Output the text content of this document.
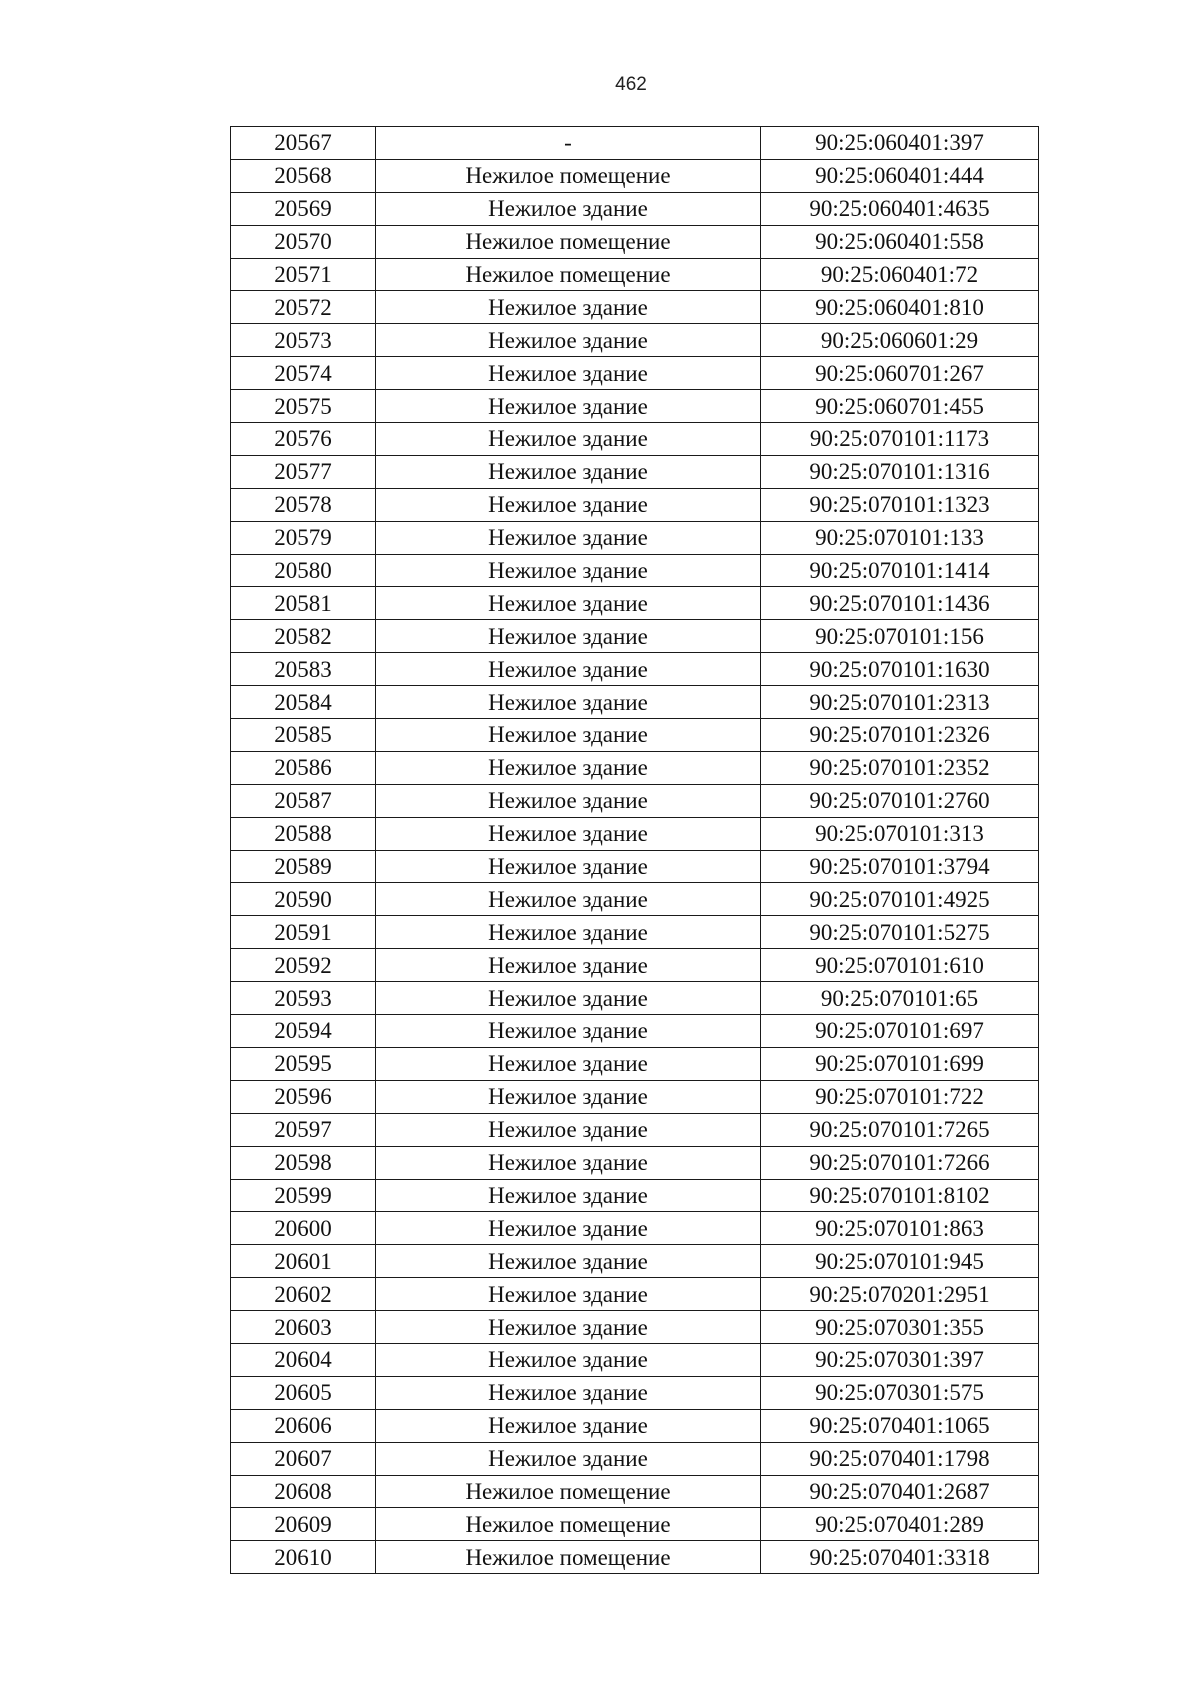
462
20567	-	90:25:060401:397
20568	Нежилое помещение	90:25:060401:444
20569	Нежилое здание	90:25:060401:4635
20570	Нежилое помещение	90:25:060401:558
20571	Нежилое помещение	90:25:060401:72
20572	Нежилое здание	90:25:060401:810
20573	Нежилое здание	90:25:060601:29
20574	Нежилое здание	90:25:060701:267
20575	Нежилое здание	90:25:060701:455
20576	Нежилое здание	90:25:070101:1173
20577	Нежилое здание	90:25:070101:1316
20578	Нежилое здание	90:25:070101:1323
20579	Нежилое здание	90:25:070101:133
20580	Нежилое здание	90:25:070101:1414
20581	Нежилое здание	90:25:070101:1436
20582	Нежилое здание	90:25:070101:156
20583	Нежилое здание	90:25:070101:1630
20584	Нежилое здание	90:25:070101:2313
20585	Нежилое здание	90:25:070101:2326
20586	Нежилое здание	90:25:070101:2352
20587	Нежилое здание	90:25:070101:2760
20588	Нежилое здание	90:25:070101:313
20589	Нежилое здание	90:25:070101:3794
20590	Нежилое здание	90:25:070101:4925
20591	Нежилое здание	90:25:070101:5275
20592	Нежилое здание	90:25:070101:610
20593	Нежилое здание	90:25:070101:65
20594	Нежилое здание	90:25:070101:697
20595	Нежилое здание	90:25:070101:699
20596	Нежилое здание	90:25:070101:722
20597	Нежилое здание	90:25:070101:7265
20598	Нежилое здание	90:25:070101:7266
20599	Нежилое здание	90:25:070101:8102
20600	Нежилое здание	90:25:070101:863
20601	Нежилое здание	90:25:070101:945
20602	Нежилое здание	90:25:070201:2951
20603	Нежилое здание	90:25:070301:355
20604	Нежилое здание	90:25:070301:397
20605	Нежилое здание	90:25:070301:575
20606	Нежилое здание	90:25:070401:1065
20607	Нежилое здание	90:25:070401:1798
20608	Нежилое помещение	90:25:070401:2687
20609	Нежилое помещение	90:25:070401:289
20610	Нежилое помещение	90:25:070401:3318
